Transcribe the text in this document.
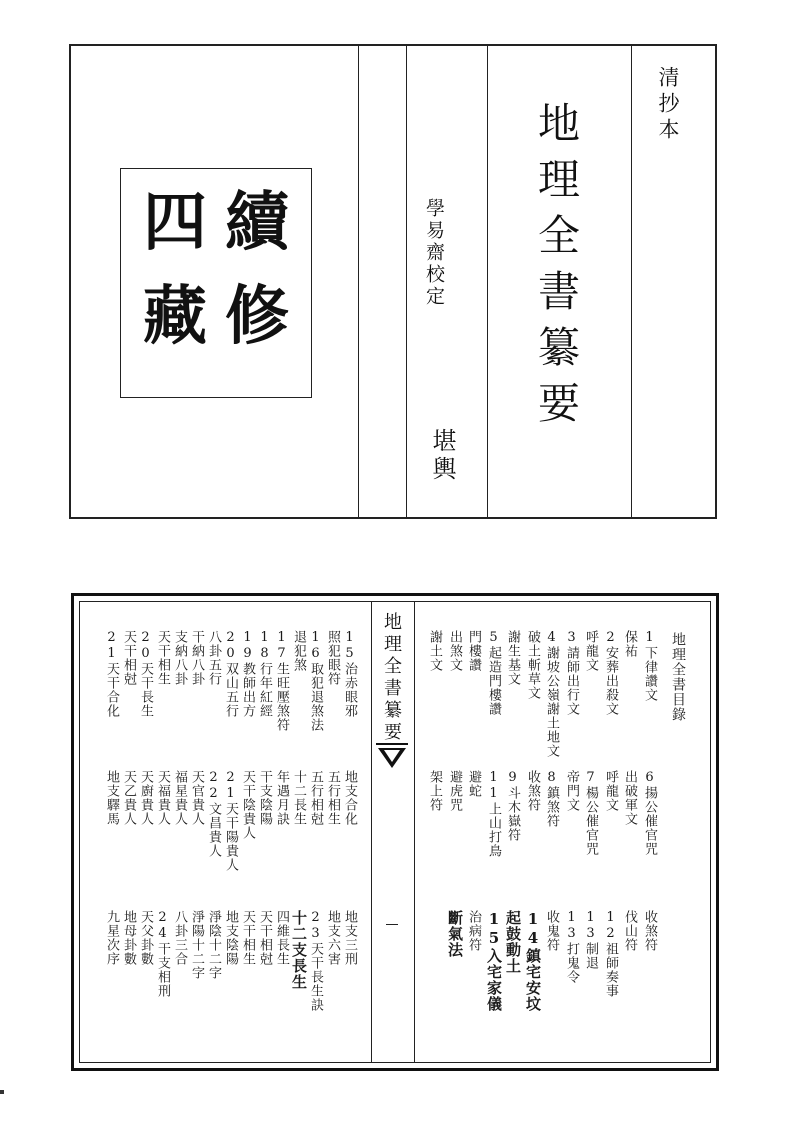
續
修
四
藏	地理全書纂要
學易齋校定
堪輿
清抄本
地理全書纂要	地理全書目錄
1下律讚文
保祐
2安葬出殺文
呼龍文
3請師出行文
4謝坡公嶺謝土地文
破土斬草文
謝生基文
5起造門樓讚
門樓讚
出煞文
謝土文
6揚公催官咒
出破軍文
呼龍文
7楊公催官咒
帝門文
8鎮煞符
收煞符
9斗木嶽符
11上山打鳥
避蛇
避虎咒
架上符
收煞符
伐山符
12祖師奏事
13制退
13打鬼令
收鬼符
14鎮宅安坟
起鼓動土
15入宅家儀
治病符
斷氣法
15治赤眼邪
照犯眼符
16取犯退煞法
退犯煞
17生旺壓煞符
18行年紅經
19教師出方
20双山五行
八卦五行
干納八卦
支納八卦
天干相生
20天干長生
天干相尅
21天干合化
地支合化
五行相生
五行相尅
十二長生
年遇月訣
干支陰陽
天干陰貴人
21天干陽貴人
22文昌貴人
天官貴人
福星貴人
天福貴人
天廚貴人
天乙貴人
地支驛馬
地支三刑
地支六害
23天干長生訣
十二支長生
四維長生
天干相尅
天干相生
地支陰陽
淨陰十二字
淨陽十二字
八卦三合
24干支相刑
天父卦數
地母卦數
九星次序
